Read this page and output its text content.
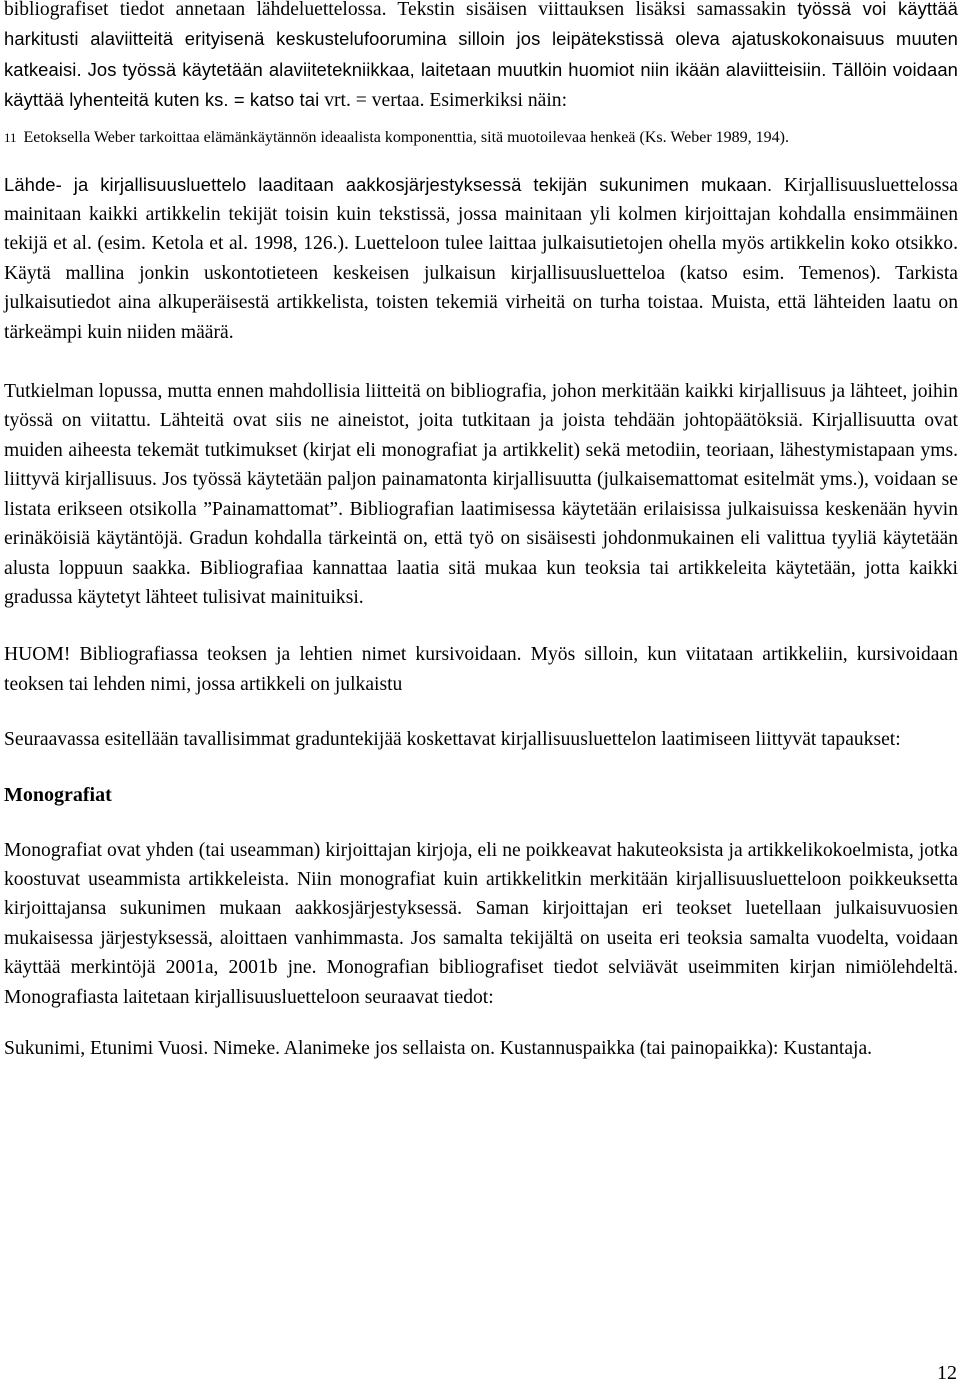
bibliografiset tiedot annetaan lähdeluettelossa. Tekstin sisäisen viittauksen lisäksi samassakin työssä voi käyttää harkitusti alaviitteitä erityisenä keskustelufoorumina silloin jos leipätekstissä oleva ajatuskokonaisuus muuten katkeaisi. Jos työssä käytetään alaviitetekniikkaa, laitetaan muutkin huomiot niin ikään alaviitteisiin. Tällöin voidaan käyttää lyhenteitä kuten ks. = katso tai vrt. = vertaa. Esimerkiksi näin:

11 Eetoksella Weber tarkoittaa elämänkäytännön ideaalista komponenttia, sitä muotoilevaa henkeä (Ks. Weber 1989, 194).

Lähde- ja kirjallisuusluettelo laaditaan aakkosjärjestyksessä tekijän sukunimen mukaan. Kirjallisuusluettelossa mainitaan kaikki artikkelin tekijät toisin kuin tekstissä, jossa mainitaan yli kolmen kirjoittajan kohdalla ensimmäinen tekijä et al. (esim. Ketola et al. 1998, 126.). Luetteloon tulee laittaa julkaisutietojen ohella myös artikkelin koko otsikko. Käytä mallina jonkin uskontotieteen keskeisen julkaisun kirjallisuusluetteloa (katso esim. Temenos). Tarkista julkaisutiedot aina alkuperäisestä artikkelista, toisten tekemiä virheitä on turha toistaa. Muista, että lähteiden laatu on tärkeämpi kuin niiden määrä.

Tutkielman lopussa, mutta ennen mahdollisia liitteitä on bibliografia, johon merkitään kaikki kirjallisuus ja lähteet, joihin työssä on viitattu. Lähteitä ovat siis ne aineistot, joita tutkitaan ja joista tehdään johtopäätöksiä. Kirjallisuutta ovat muiden aiheesta tekemät tutkimukset (kirjat eli monografiat ja artikkelit) sekä metodiin, teoriaan, lähestymistapaan yms. liittyvä kirjallisuus. Jos työssä käytetään paljon painamatonta kirjallisuutta (julkaisemattomat esitelmät yms.), voidaan se listata erikseen otsikolla ”Painamattomat”. Bibliografian laatimisessa käytetään erilaisissa julkaisuissa keskenään hyvin erinäköisiä käytäntöjä. Gradun kohdalla tärkeintä on, että työ on sisäisesti johdonmukainen eli valittua tyyliä käytetään alusta loppuun saakka. Bibliografiaa kannattaa laatia sitä mukaa kun teoksia tai artikkeleita käytetään, jotta kaikki gradussa käytetyt lähteet tulisivat mainituiksi.

HUOM! Bibliografiassa teoksen ja lehtien nimet kursivoidaan. Myös silloin, kun viitataan artikkeliin, kursivoidaan teoksen tai lehden nimi, jossa artikkeli on julkaistu

Seuraavassa esitellään tavallisimmat graduntekijää koskettavat kirjallisuusluettelon laatimiseen liittyvät tapaukset:

Monografiat

Monografiat ovat yhden (tai useamman) kirjoittajan kirjoja, eli ne poikkeavat hakuteoksista ja artikkelikokoelmista, jotka koostuvat useammista artikkeleista. Niin monografiat kuin artikkelitkin merkitään kirjallisuusluetteloon poikkeuksetta kirjoittajansa sukunimen mukaan aakkosjärjestyksessä. Saman kirjoittajan eri teokset luetellaan julkaisuvuosien mukaisessa järjestyksessä, aloittaen vanhimmasta. Jos samalta tekijältä on useita eri teoksia samalta vuodelta, voidaan käyttää merkintöjä 2001a, 2001b jne. Monografian bibliografiset tiedot selviävät useimmiten kirjan nimiölehdeltä. Monografiasta laitetaan kirjallisuusluetteloon seuraavat tiedot:

Sukunimi, Etunimi Vuosi. Nimeke. Alanimeke jos sellaista on. Kustannuspaikka (tai painopaikka): Kustantaja.

12
